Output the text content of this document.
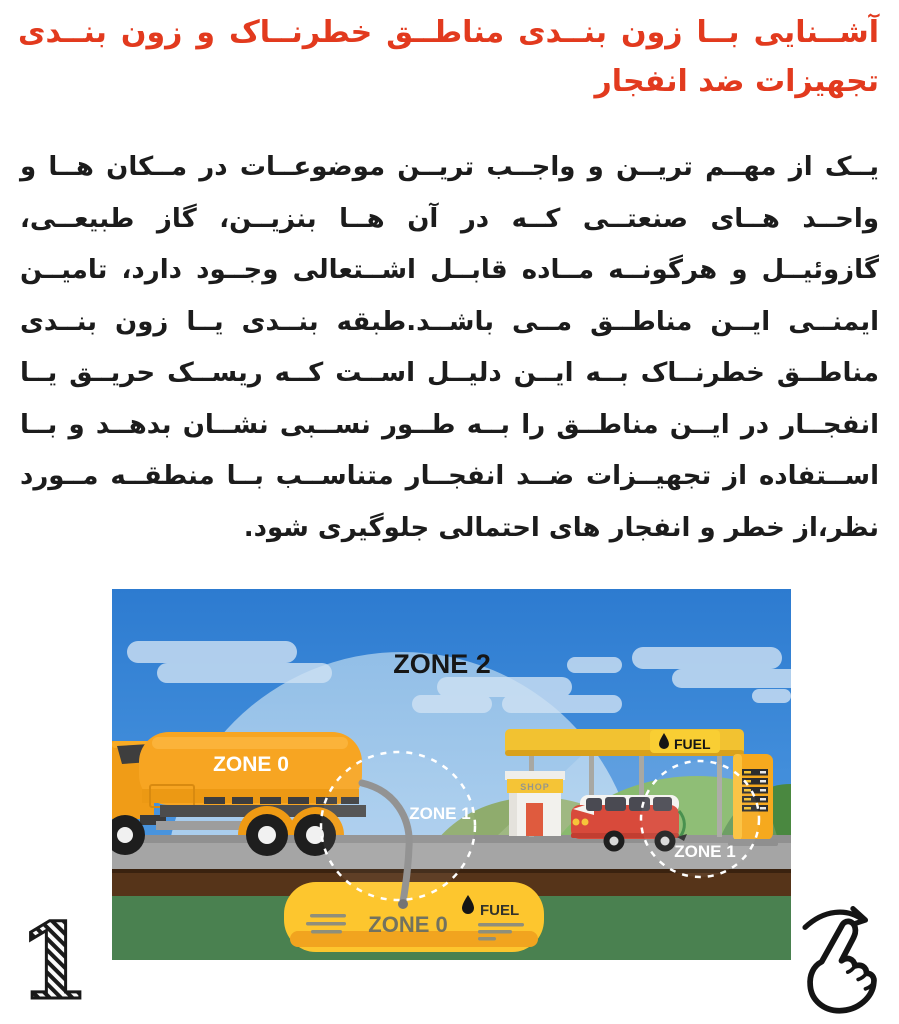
آشــنایی بــا زون بنــدی مناطــق خطرنــاک و زون بنــدی
تجهیزات ضد انفجار
یــک از مهــم تریــن و واجــب تریــن موضوعــات در مــکان هــا و
واحــد هــای صنعتــی کــه در آن هــا بنزیــن، گاز طبیعــی،
گازوئیــل و هرگونــه مــاده قابــل اشــتعالی وجــود دارد، تامیــن
ایمنــی ایــن مناطــق مــی باشــد.طبقه بنــدی یــا زون بنــدی
مناطــق خطرنــاک بــه ایــن دلیــل اســت کــه ریســک حریــق یــا
انفجــار در ایــن مناطــق را بــه طــور نســبی نشــان بدهــد و بــا
اســتفاده از تجهیــزات ضــد انفجــار متناســب بــا منطقــه مــورد
نظر،از خطر و انفجار های احتمالی جلوگیری شود.
ZONE 2
ZONE 0
FUEL
ZONE 0
FUEL
SHOP
ZONE 1
ZONE 1
1
